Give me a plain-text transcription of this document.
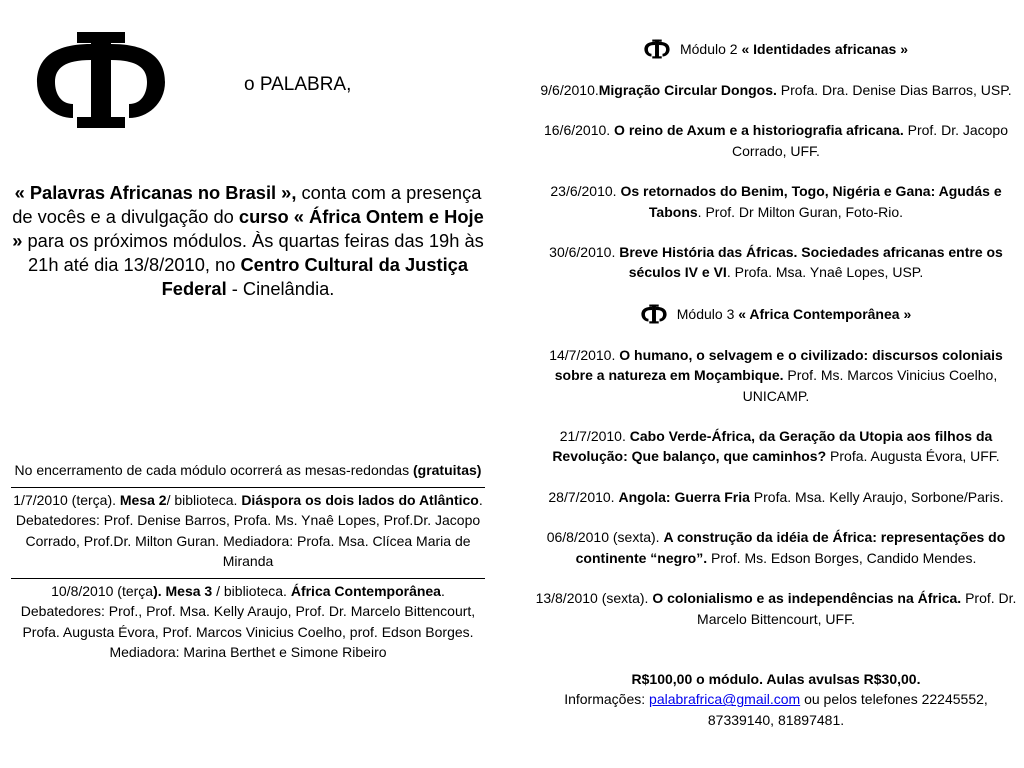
o PALABRA,
« Palavras Africanas no Brasil », conta com a presença de vocês e a divulgação do curso « África Ontem e Hoje » para os próximos módulos. Às quartas feiras das 19h às 21h até dia 13/8/2010, no Centro Cultural da Justiça Federal - Cinelândia.
No encerramento de cada módulo ocorrerá as mesas-redondas (gratuitas)
1/7/2010 (terça). Mesa 2/ biblioteca. Diáspora os dois lados do Atlântico. Debatedores: Prof. Denise Barros, Profa. Ms. Ynaê Lopes, Prof.Dr. Jacopo Corrado, Prof.Dr. Milton Guran. Mediadora: Profa. Msa. Clícea Maria de Miranda
10/8/2010 (terça). Mesa 3 / biblioteca. África Contemporânea. Debatedores: Prof., Prof. Msa. Kelly Araujo, Prof. Dr. Marcelo Bittencourt, Profa. Augusta Évora, Prof. Marcos Vinicius Coelho, prof. Edson Borges. Mediadora: Marina Berthet e Simone Ribeiro
Módulo 2 « Identidades africanas »
9/6/2010.Migração Circular Dongos. Profa. Dra. Denise Dias Barros, USP.
16/6/2010. O reino de Axum e a historiografia africana. Prof. Dr. Jacopo Corrado, UFF.
23/6/2010. Os retornados do Benim, Togo, Nigéria e Gana: Agudás e Tabons. Prof. Dr Milton Guran, Foto-Rio.
30/6/2010. Breve História das Áfricas. Sociedades africanas entre os séculos IV e VI. Profa. Msa. Ynaê Lopes, USP.
Módulo 3 « Africa Contemporânea »
14/7/2010. O humano, o selvagem e o civilizado: discursos coloniais sobre a natureza em Moçambique. Prof. Ms. Marcos Vinicius Coelho, UNICAMP.
21/7/2010. Cabo Verde-África, da Geração da Utopia aos filhos da Revolução: Que balanço, que caminhos? Profa. Augusta Évora, UFF.
28/7/2010. Angola: Guerra Fria Profa. Msa. Kelly Araujo, Sorbone/Paris.
06/8/2010 (sexta). A construção da idéia de África: representações do continente “negro”. Prof. Ms. Edson Borges, Candido Mendes.
13/8/2010 (sexta). O colonialismo e as independências na África. Prof. Dr. Marcelo Bittencourt, UFF.
R$100,00 o módulo. Aulas avulsas R$30,00.
Informações: palabrafrica@gmail.com ou pelos telefones 22245552, 87339140, 81897481.
